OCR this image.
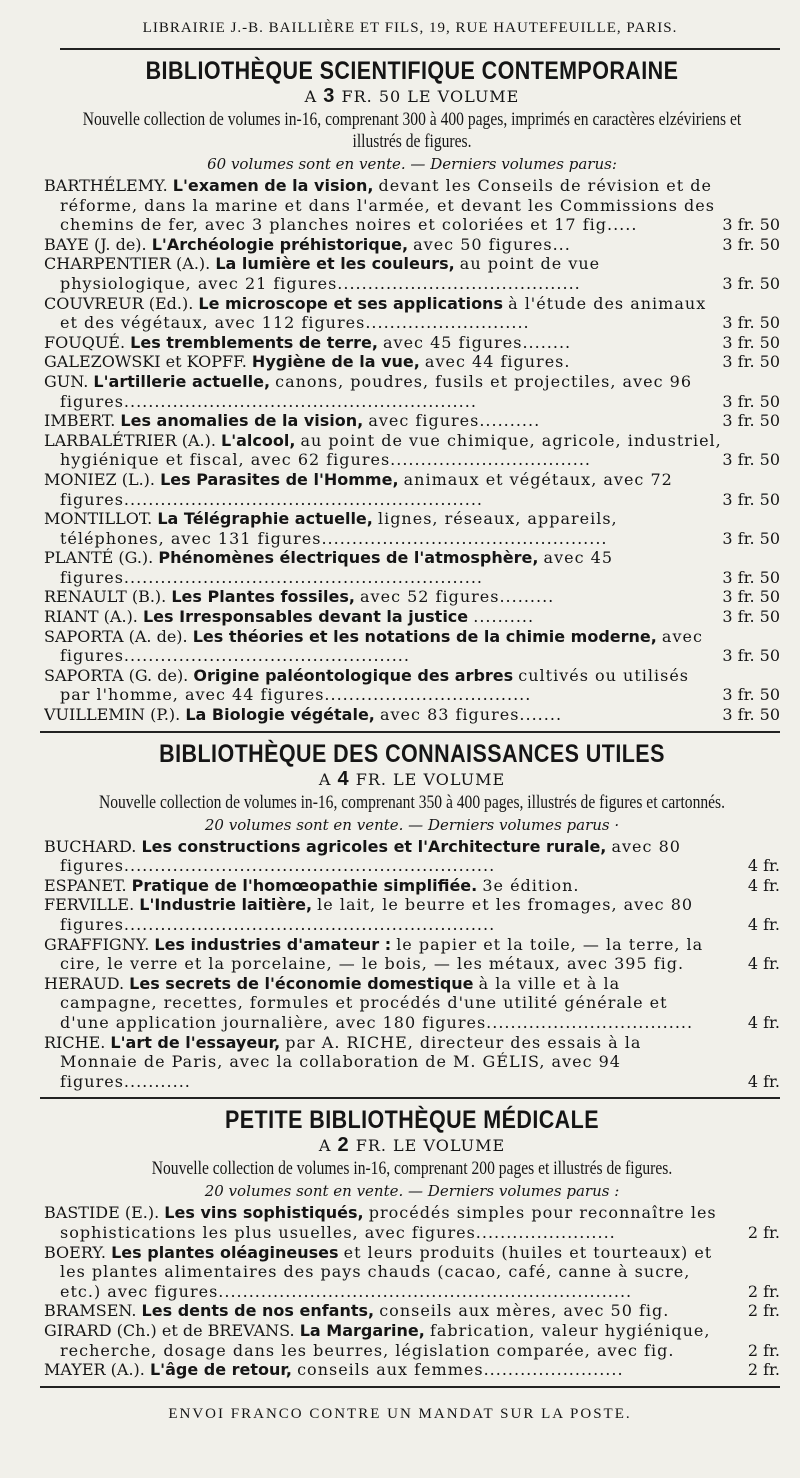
LIBRAIRIE J.-B. BAILLIÈRE ET FILS, 19, RUE HAUTEFEUILLE, PARIS.
BIBLIOTHÈQUE SCIENTIFIQUE CONTEMPORAINE
A 3 FR. 50 LE VOLUME
Nouvelle collection de volumes in-16, comprenant 300 à 400 pages, imprimés en caractères elzéviriens et illustrés de figures.
60 volumes sont en vente. — Derniers volumes parus:
BARTHÉLEMY. L'examen de la vision, devant les Conseils de révision et de réforme, dans la marine et dans l'armée, et devant les Commissions des chemins de fer, avec 3 planches noires et coloriées et 17 fig.....	3 fr. 50
BAYE (J. de). L'Archéologie préhistorique, avec 50 figures...	3 fr. 50
CHARPENTIER (A.). La lumière et les couleurs, au point de vue physiologique, avec 21 figures........................................	3 fr. 50
COUVREUR (Ed.). Le microscope et ses applications à l'étude des animaux et des végétaux, avec 112 figures...........................	3 fr. 50
FOUQUÉ. Les tremblements de terre, avec 45 figures........	3 fr. 50
GALEZOWSKI et KOPFF. Hygiène de la vue, avec 44 figures.	3 fr. 50
GUN. L'artillerie actuelle, canons, poudres, fusils et projectiles, avec 96 figures..........................................................	3 fr. 50
IMBERT. Les anomalies de la vision, avec figures..........	3 fr. 50
LARBALÉTRIER (A.). L'alcool, au point de vue chimique, agricole, industriel, hygiénique et fiscal, avec 62 figures.................................	3 fr. 50
MONIEZ (L.). Les Parasites de l'Homme, animaux et végétaux, avec 72 figures...........................................................	3 fr. 50
MONTILLOT. La Télégraphie actuelle, lignes, réseaux, appareils, téléphones, avec 131 figures...............................................	3 fr. 50
PLANTÉ (G.). Phénomènes électriques de l'atmosphère, avec 45 figures...........................................................	3 fr. 50
RENAULT (B.). Les Plantes fossiles, avec 52 figures.........	3 fr. 50
RIANT (A.). Les Irresponsables devant la justice ..........	3 fr. 50
SAPORTA (A. de). Les théories et les notations de la chimie moderne, avec figures...............................................	3 fr. 50
SAPORTA (G. de). Origine paléontologique des arbres cultivés ou utilisés par l'homme, avec 44 figures..................................	3 fr. 50
VUILLEMIN (P.). La Biologie végétale, avec 83 figures.......	3 fr. 50
BIBLIOTHÈQUE DES CONNAISSANCES UTILES
A 4 FR. LE VOLUME
Nouvelle collection de volumes in-16, comprenant 350 à 400 pages, illustrés de figures et cartonnés.
20 volumes sont en vente. — Derniers volumes parus ·
BUCHARD. Les constructions agricoles et l'Architecture rurale, avec 80 figures.............................................................	4 fr.
ESPANET. Pratique de l'homœopathie simplifiée. 3e édition.	4 fr.
FERVILLE. L'Industrie laitière, le lait, le beurre et les fromages, avec 80 figures.............................................................	4 fr.
GRAFFIGNY. Les industries d'amateur : le papier et la toile, — la terre, la cire, le verre et la porcelaine, — le bois, — les métaux, avec 395 fig.	4 fr.
HERAUD. Les secrets de l'économie domestique à la ville et à la campagne, recettes, formules et procédés d'une utilité générale et d'une application journalière, avec 180 figures..................................	4 fr.
RICHE. L'art de l'essayeur, par A. RICHE, directeur des essais à la Monnaie de Paris, avec la collaboration de M. GÉLIS, avec 94 figures...........	4 fr.
PETITE BIBLIOTHÈQUE MÉDICALE
A 2 FR. LE VOLUME
Nouvelle collection de volumes in-16, comprenant 200 pages et illustrés de figures.
20 volumes sont en vente. — Derniers volumes parus :
BASTIDE (E.). Les vins sophistiqués, procédés simples pour reconnaître les sophistications les plus usuelles, avec figures.......................	2 fr.
BOERY. Les plantes oléagineuses et leurs produits (huiles et tourteaux) et les plantes alimentaires des pays chauds (cacao, café, canne à sucre, etc.) avec figures....................................................................	2 fr.
BRAMSEN. Les dents de nos enfants, conseils aux mères, avec 50 fig.	2 fr.
GIRARD (Ch.) et de BREVANS. La Margarine, fabrication, valeur hygiénique, recherche, dosage dans les beurres, législation comparée, avec fig.	2 fr.
MAYER (A.). L'âge de retour, conseils aux femmes.......................	2 fr.
ENVOI FRANCO CONTRE UN MANDAT SUR LA POSTE.
